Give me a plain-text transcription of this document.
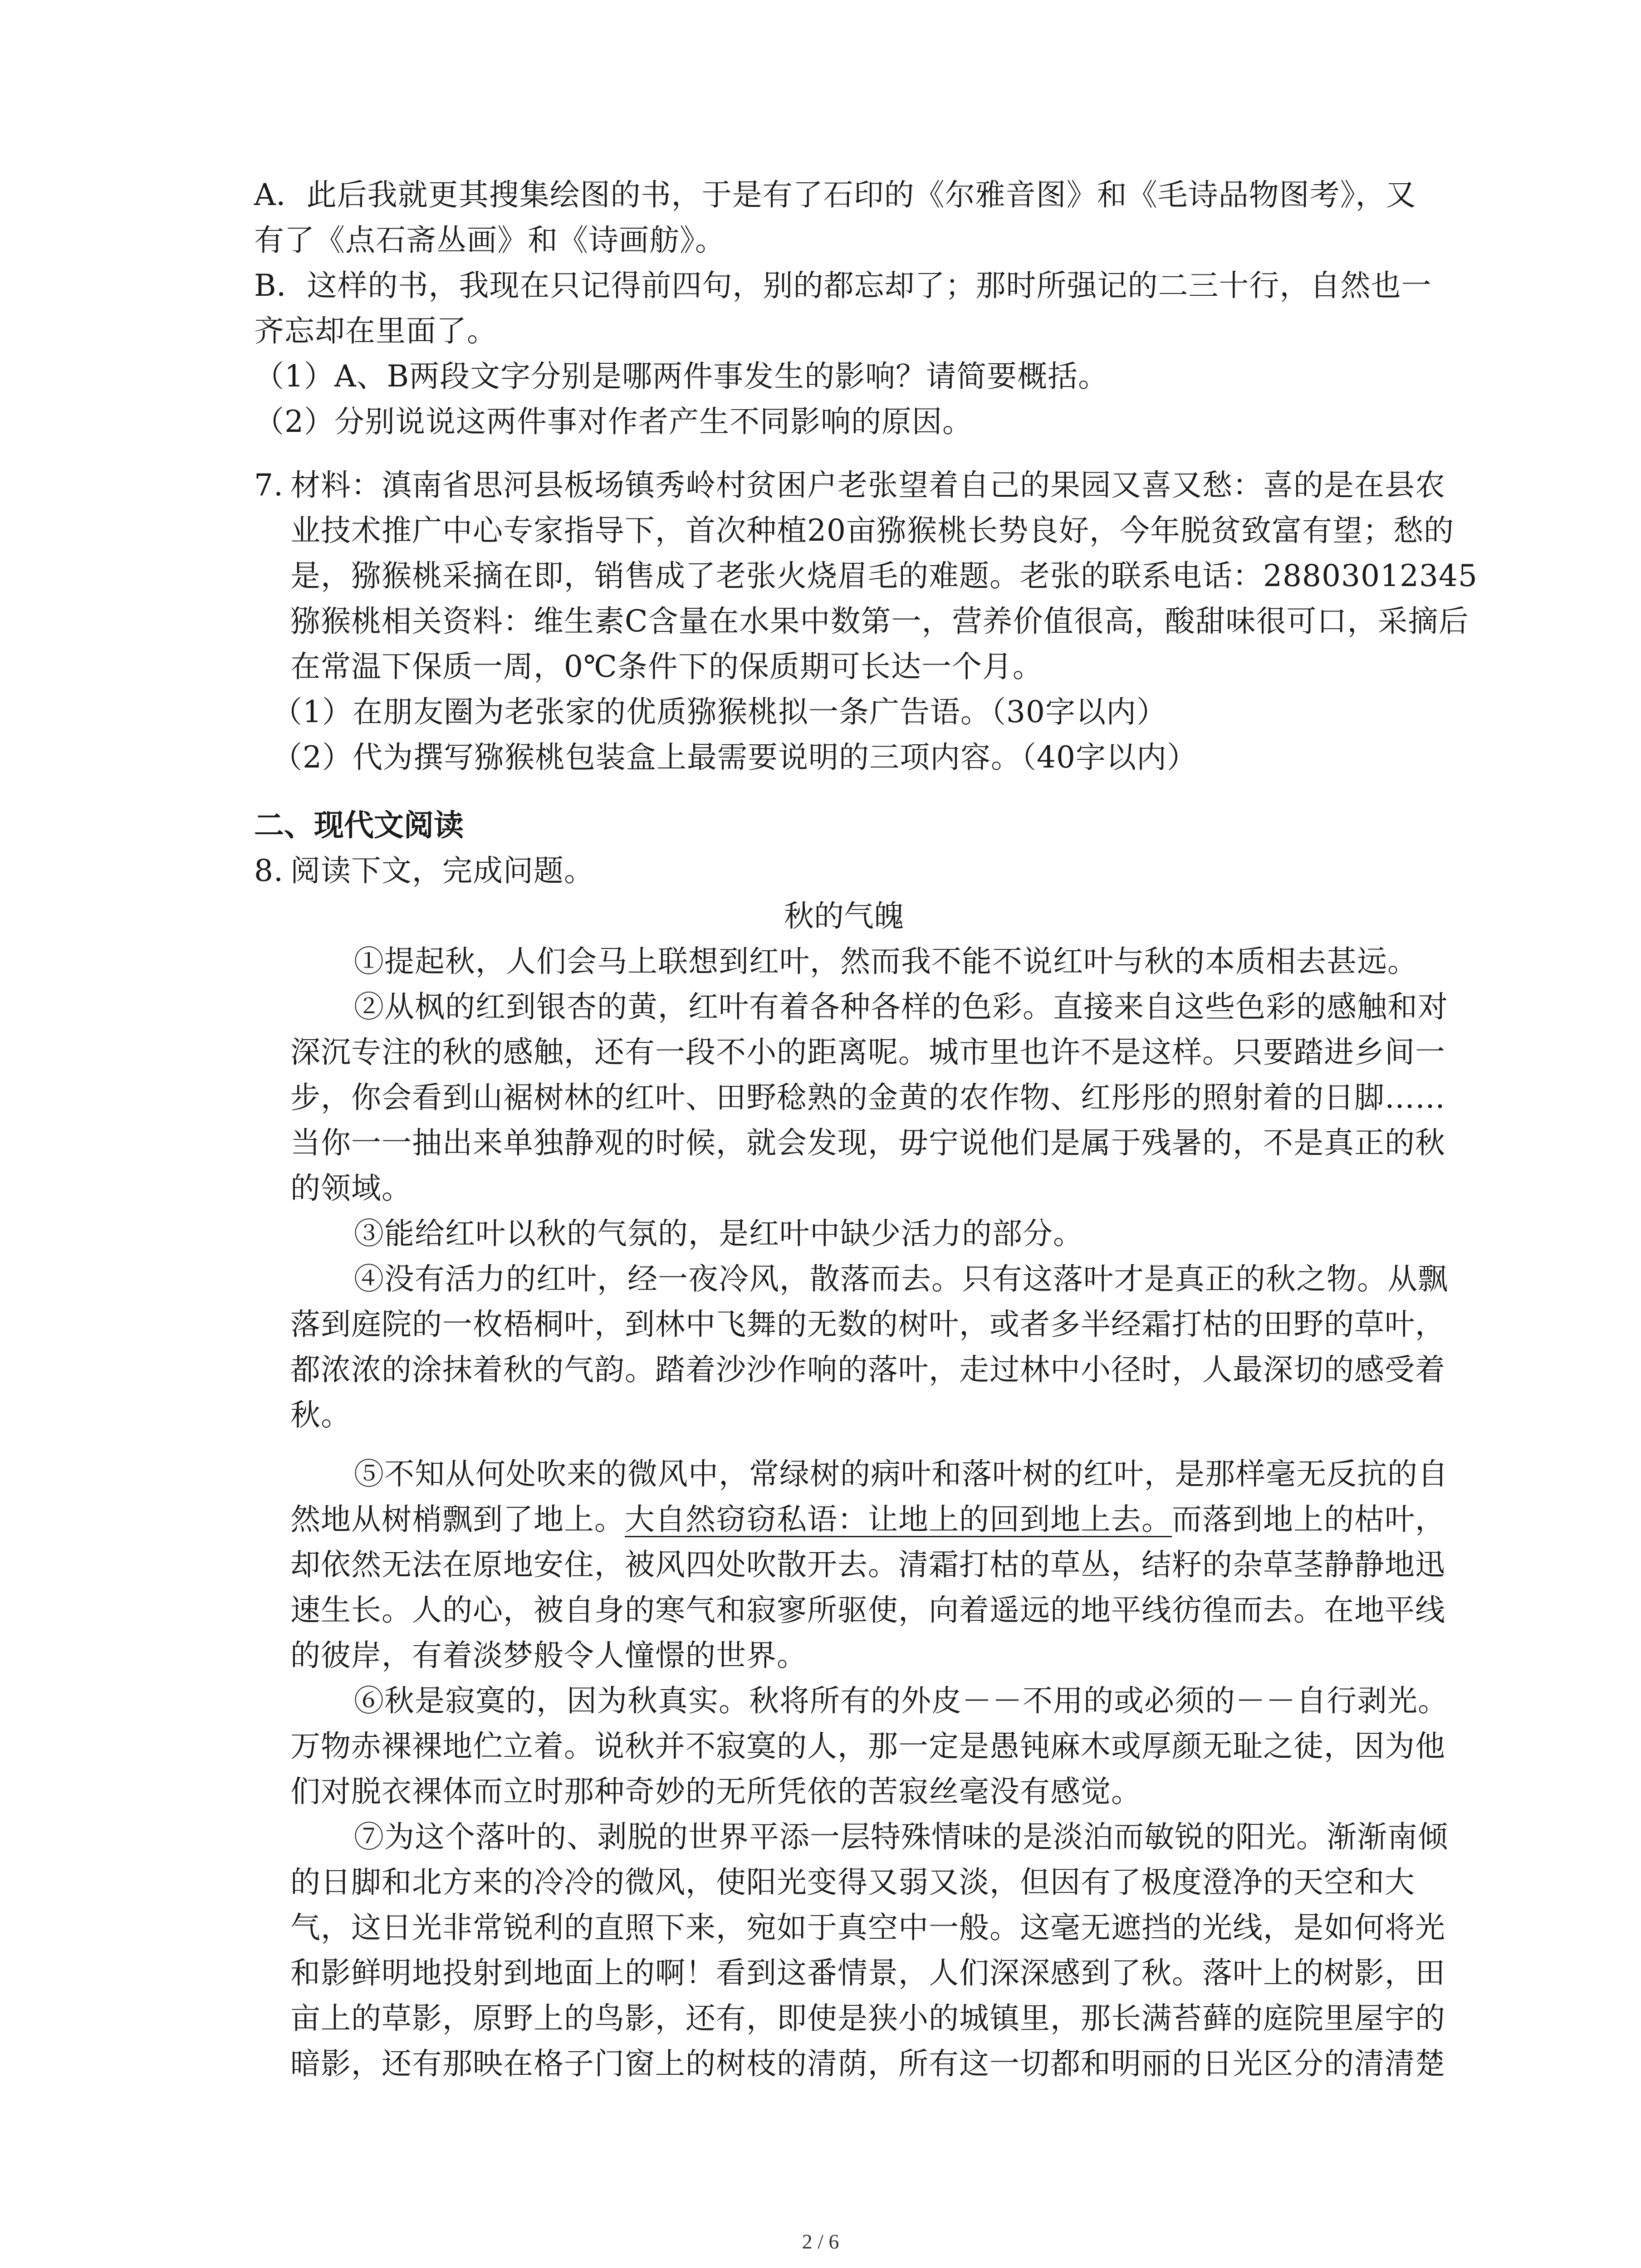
A．此后我就更其搜集绘图的书，于是有了石印的《尔雅音图》和《毛诗品物图考》，又
有了《点石斋丛画》和《诗画舫》。
B．这样的书，我现在只记得前四句，别的都忘却了；那时所强记的二三十行，自然也一
齐忘却在里面了。
（1）A、B两段文字分别是哪两件事发生的影响？请简要概括。
（2）分别说说这两件事对作者产生不同影响的原因。
7. 材料：滇南省思河县板场镇秀岭村贫困户老张望着自己的果园又喜又愁：喜的是在县农
业技术推广中心专家指导下，首次种植20亩猕猴桃长势良好，今年脱贫致富有望；愁的
是，猕猴桃采摘在即，销售成了老张火烧眉毛的难题。老张的联系电话：28803012345
猕猴桃相关资料：维生素C含量在水果中数第一，营养价值很高，酸甜味很可口，采摘后
在常温下保质一周，0℃条件下的保质期可长达一个月。
（1）在朋友圈为老张家的优质猕猴桃拟一条广告语。（30字以内）
（2）代为撰写猕猴桃包装盒上最需要说明的三项内容。（40字以内）
二、现代文阅读
8. 阅读下文，完成问题。
秋的气魄
①提起秋，人们会马上联想到红叶，然而我不能不说红叶与秋的本质相去甚远。
②从枫的红到银杏的黄，红叶有着各种各样的色彩。直接来自这些色彩的感触和对
深沉专注的秋的感触，还有一段不小的距离呢。城市里也许不是这样。只要踏进乡间一
步，你会看到山裾树林的红叶、田野稔熟的金黄的农作物、红彤彤的照射着的日脚……
当你一一抽出来单独静观的时候，就会发现，毋宁说他们是属于残暑的，不是真正的秋
的领域。
③能给红叶以秋的气氛的，是红叶中缺少活力的部分。
④没有活力的红叶，经一夜冷风，散落而去。只有这落叶才是真正的秋之物。从飘
落到庭院的一枚梧桐叶，到林中飞舞的无数的树叶，或者多半经霜打枯的田野的草叶，
都浓浓的涂抹着秋的气韵。踏着沙沙作响的落叶，走过林中小径时，人最深切的感受着
秋。
⑤不知从何处吹来的微风中，常绿树的病叶和落叶树的红叶，是那样毫无反抗的自
然地从树梢飘到了地上。大自然窃窃私语：让地上的回到地上去。而落到地上的枯叶，
却依然无法在原地安住，被风四处吹散开去。清霜打枯的草丛，结籽的杂草茎静静地迅
速生长。人的心，被自身的寒气和寂寥所驱使，向着遥远的地平线彷徨而去。在地平线
的彼岸，有着淡梦般令人憧憬的世界。
⑥秋是寂寞的，因为秋真实。秋将所有的外皮－－不用的或必须的－－自行剥光。
万物赤裸裸地伫立着。说秋并不寂寞的人，那一定是愚钝麻木或厚颜无耻之徒，因为他
们对脱衣裸体而立时那种奇妙的无所凭依的苦寂丝毫没有感觉。
⑦为这个落叶的、剥脱的世界平添一层特殊情味的是淡泊而敏锐的阳光。渐渐南倾
的日脚和北方来的冷冷的微风，使阳光变得又弱又淡，但因有了极度澄净的天空和大
气，这日光非常锐利的直照下来，宛如于真空中一般。这毫无遮挡的光线，是如何将光
和影鲜明地投射到地面上的啊！看到这番情景，人们深深感到了秋。落叶上的树影，田
亩上的草影，原野上的鸟影，还有，即使是狭小的城镇里，那长满苔藓的庭院里屋宇的
暗影，还有那映在格子门窗上的树枝的清荫，所有这一切都和明丽的日光区分的清清楚
2 / 6
